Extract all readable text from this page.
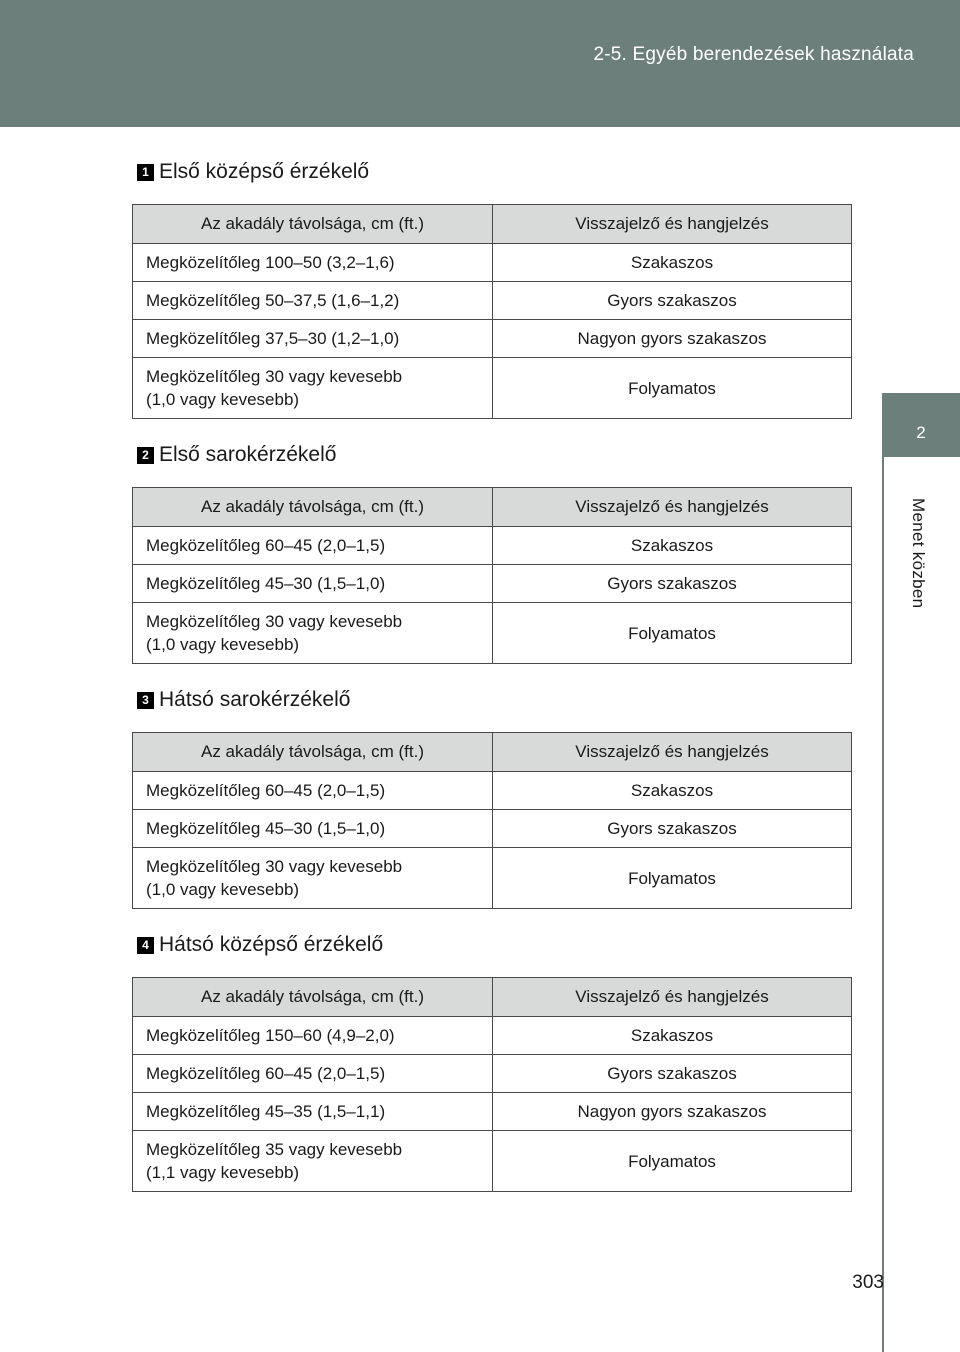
2-5. Egyéb berendezések használata
2
Menet közben
1 Első középső érzékelő
Az akadály távolsága, cm (ft.)	Visszajelző és hangjelzés
Megközelítőleg 100–50 (3,2–1,6)	Szakaszos
Megközelítőleg 50–37,5 (1,6–1,2)	Gyors szakaszos
Megközelítőleg 37,5–30 (1,2–1,0)	Nagyon gyors szakaszos
Megközelítőleg 30 vagy kevesebb
(1,0 vagy kevesebb)	Folyamatos
2 Első sarokérzékelő
Az akadály távolsága, cm (ft.)	Visszajelző és hangjelzés
Megközelítőleg 60–45 (2,0–1,5)	Szakaszos
Megközelítőleg 45–30 (1,5–1,0)	Gyors szakaszos
Megközelítőleg 30 vagy kevesebb
(1,0 vagy kevesebb)	Folyamatos
3 Hátsó sarokérzékelő
Az akadály távolsága, cm (ft.)	Visszajelző és hangjelzés
Megközelítőleg 60–45 (2,0–1,5)	Szakaszos
Megközelítőleg 45–30 (1,5–1,0)	Gyors szakaszos
Megközelítőleg 30 vagy kevesebb
(1,0 vagy kevesebb)	Folyamatos
4 Hátsó középső érzékelő
Az akadály távolsága, cm (ft.)	Visszajelző és hangjelzés
Megközelítőleg 150–60 (4,9–2,0)	Szakaszos
Megközelítőleg 60–45 (2,0–1,5)	Gyors szakaszos
Megközelítőleg 45–35 (1,5–1,1)	Nagyon gyors szakaszos
Megközelítőleg 35 vagy kevesebb
(1,1 vagy kevesebb)	Folyamatos
303
